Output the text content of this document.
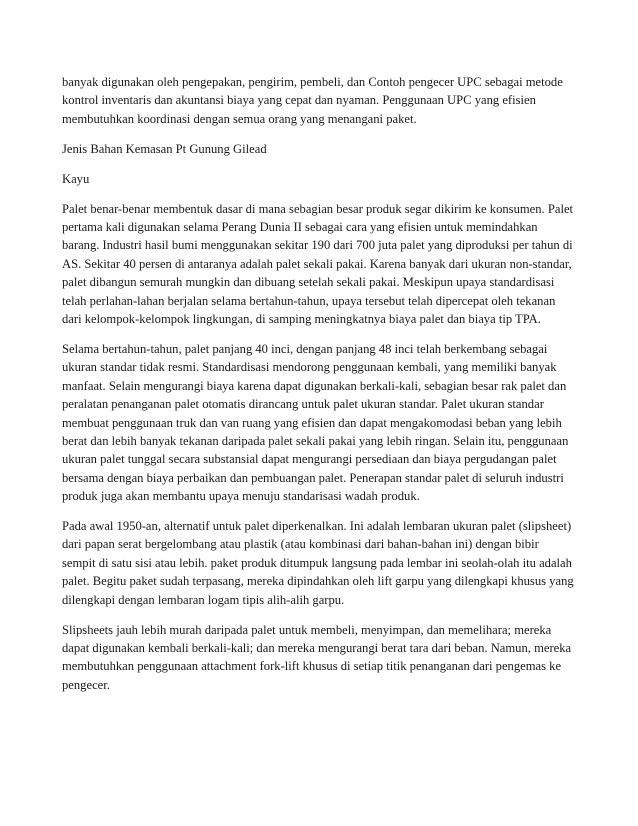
banyak digunakan oleh pengepakan, pengirim, pembeli, dan Contoh pengecer UPC sebagai metode kontrol inventaris dan akuntansi biaya yang cepat dan nyaman. Penggunaan UPC yang efisien membutuhkan koordinasi dengan semua orang yang menangani paket.

Jenis Bahan Kemasan Pt Gunung Gilead

Kayu

Palet benar-benar membentuk dasar di mana sebagian besar produk segar dikirim ke konsumen. Palet pertama kali digunakan selama Perang Dunia II sebagai cara yang efisien untuk memindahkan barang. Industri hasil bumi menggunakan sekitar 190 dari 700 juta palet yang diproduksi per tahun di AS. Sekitar 40 persen di antaranya adalah palet sekali pakai. Karena banyak dari ukuran non-standar, palet dibangun semurah mungkin dan dibuang setelah sekali pakai. Meskipun upaya standardisasi telah perlahan-lahan berjalan selama bertahun-tahun, upaya tersebut telah dipercepat oleh tekanan dari kelompok-kelompok lingkungan, di samping meningkatnya biaya palet dan biaya tip TPA.

Selama bertahun-tahun, palet panjang 40 inci, dengan panjang 48 inci telah berkembang sebagai ukuran standar tidak resmi. Standardisasi mendorong penggunaan kembali, yang memiliki banyak manfaat. Selain mengurangi biaya karena dapat digunakan berkali-kali, sebagian besar rak palet dan peralatan penanganan palet otomatis dirancang untuk palet ukuran standar. Palet ukuran standar membuat penggunaan truk dan van ruang yang efisien dan dapat mengakomodasi beban yang lebih berat dan lebih banyak tekanan daripada palet sekali pakai yang lebih ringan. Selain itu, penggunaan ukuran palet tunggal secara substansial dapat mengurangi persediaan dan biaya pergudangan palet bersama dengan biaya perbaikan dan pembuangan palet. Penerapan standar palet di seluruh industri produk juga akan membantu upaya menuju standarisasi wadah produk.

Pada awal 1950-an, alternatif untuk palet diperkenalkan. Ini adalah lembaran ukuran palet (slipsheet) dari papan serat bergelombang atau plastik (atau kombinasi dari bahan-bahan ini) dengan bibir sempit di satu sisi atau lebih. paket produk ditumpuk langsung pada lembar ini seolah-olah itu adalah palet. Begitu paket sudah terpasang, mereka dipindahkan oleh lift garpu yang dilengkapi khusus yang dilengkapi dengan lembaran logam tipis alih-alih garpu.

Slipsheets jauh lebih murah daripada palet untuk membeli, menyimpan, dan memelihara; mereka dapat digunakan kembali berkali-kali; dan mereka mengurangi berat tara dari beban. Namun, mereka membutuhkan penggunaan attachment fork-lift khusus di setiap titik penanganan dari pengemas ke pengecer.
